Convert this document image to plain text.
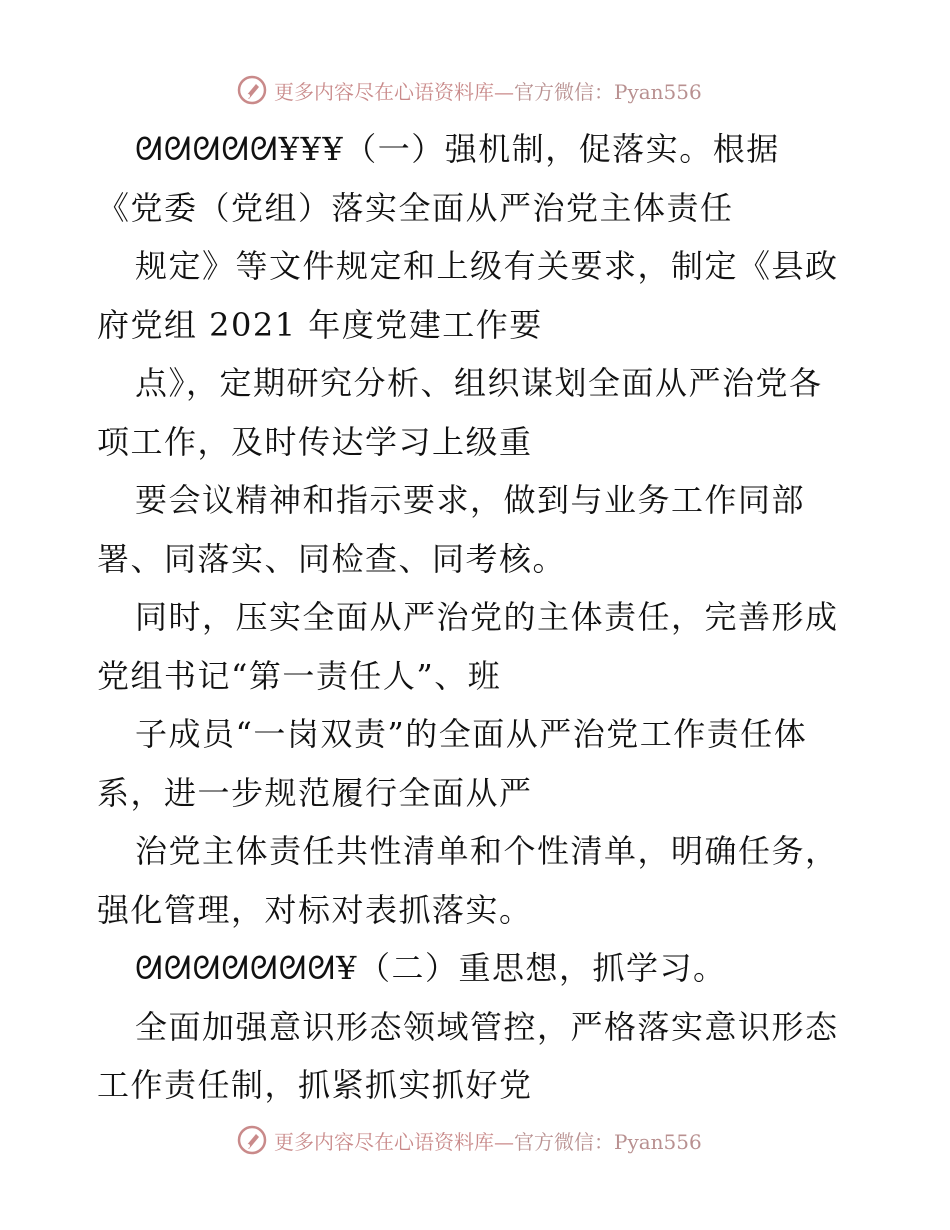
更多内容尽在心语资料库—官方微信：Pyan556
ᘛᘛᘛᘛᘛ¥¥¥（一）强机制，促落实。根据
《党委（党组）落实全面从严治党主体责任
规定》等文件规定和上级有关要求，制定《县政
府党组 2021 年度党建工作要
点》，定期研究分析、组织谋划全面从严治党各
项工作，及时传达学习上级重
要会议精神和指示要求，做到与业务工作同部
署、同落实、同检查、同考核。
同时，压实全面从严治党的主体责任，完善形成
党组书记“第一责任人”、班
子成员“一岗双责”的全面从严治党工作责任体
系，进一步规范履行全面从严
治党主体责任共性清单和个性清单，明确任务，
强化管理，对标对表抓落实。
ᘛᘛᘛᘛᘛᘛᘛ¥（二）重思想，抓学习。
全面加强意识形态领域管控，严格落实意识形态
工作责任制，抓紧抓实抓好党
更多内容尽在心语资料库—官方微信：Pyan556
